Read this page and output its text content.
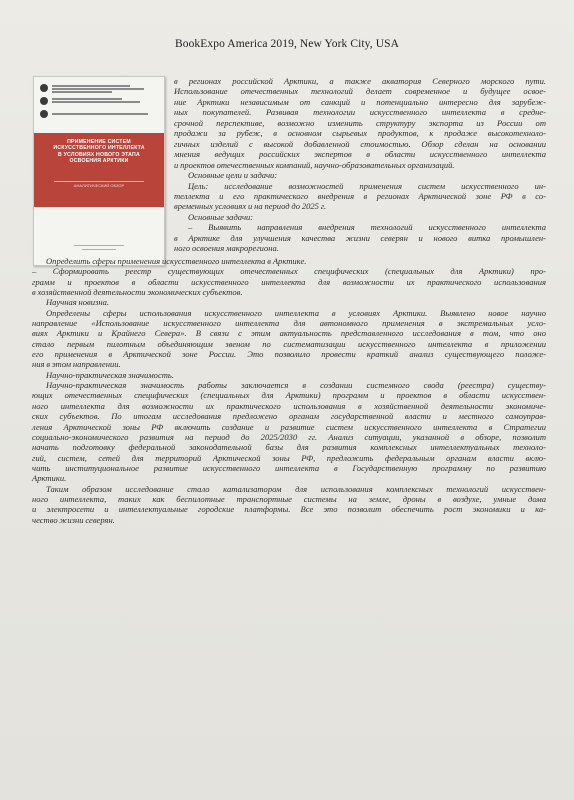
BookExpo America 2019, New York City, USA
ПРИМЕНЕНИЕ СИСТЕМ
ИСКУССТВЕННОГО ИНТЕЛЛЕКТА
В УСЛОВИЯХ НОВОГО ЭТАПА
ОСВОЕНИЯ АРКТИКИ
АНАЛИТИЧЕСКИЙ ОБЗОР
в регионах российской Арктики, а также акватория Северного морского пути.
Использование отечественных технологий делает современное и будущее освое-
ние Арктики независимым от санкций и потенциально интересно для зарубеж-
ных покупателей. Развивая технологии искусственного интеллекта в средне-
срочной перспективе, возможно изменить структуру экспорта из России от
продажи за рубеж, в основном сырьевых продуктов, к продаже высокотехноло-
гичных изделий с высокой добавленной стоимостью. Обзор сделан на основании
мнения ведущих российских экспертов в области искусственного интеллекта
и проектов отечественных компаний, научно-образовательных организаций.
Основные цели и задачи:
Цель: исследование возможностей применения систем искусственного ин-
теллекта и его практического внедрения в регионах Арктической зоне РФ в со-
временных условиях и на период до 2025 г.
Основные задачи:
– Выявить направления внедрения технологий искусственного интеллекта
в Арктике для улучшения качества жизни северян и нового витка промышлен-
ного освоения макрорегиона.
Определить сферы применения искусственного интеллекта в Арктике.
– Сформировать реестр существующих отечественных специфических (специальных для Арктики) про-
грамм и проектов в области искусственного интеллекта для возможности их практического использования
в хозяйственной деятельности экономических субъектов.
Научная новизна.
Определены сферы использования искусственного интеллекта в условиях Арктики. Выявлено новое научно
направление «Использование искусственного интеллекта для автономного применения в экстремальных усло-
виях Арктики и Крайнего Севера». В связи с этим актуальность представленного исследования в том, что оно
стало первым пилотным объединяющим звеном по систематизации искусственного интеллекта в приложении
его применения в Арктической зоне России. Это позволило провести краткий анализ существующего положе-
ния в этом направлении.
Научно-практическая значимость.
Научно-практическая значимость работы заключается в создании системного свода (реестра) существу-
ющих отечественных специфических (специальных для Арктики) программ и проектов в области искусствен-
ного интеллекта для возможности их практического использования в хозяйственной деятельности экономиче-
ских субъектов. По итогам исследования предложено органам государственной власти и местного самоуправ-
ления Арктической зоны РФ включить создание и развитие систем искусственного интеллекта в Стратегии
социально-экономического развития на период до 2025/2030 гг. Анализ ситуации, указанной в обзоре, позволит
начать подготовку федеральной законодательной базы для развития комплексных интеллектуальных техноло-
гий, систем, сетей для территорий Арктической зоны РФ, предложить федеральным органам власти вклю-
чить институциональное развитие искусственного интеллекта в Государственную программу по развитию
Арктики.
Таким образом исследование стало катализатором для использования комплексных технологий искусствен-
ного интеллекта, таких как беспилотные транспортные системы на земле, дроны в воздухе, умные дома
и электросети и интеллектуальные городские платформы. Все это позволит обеспечить рост экономики и ка-
чество жизни северян.
